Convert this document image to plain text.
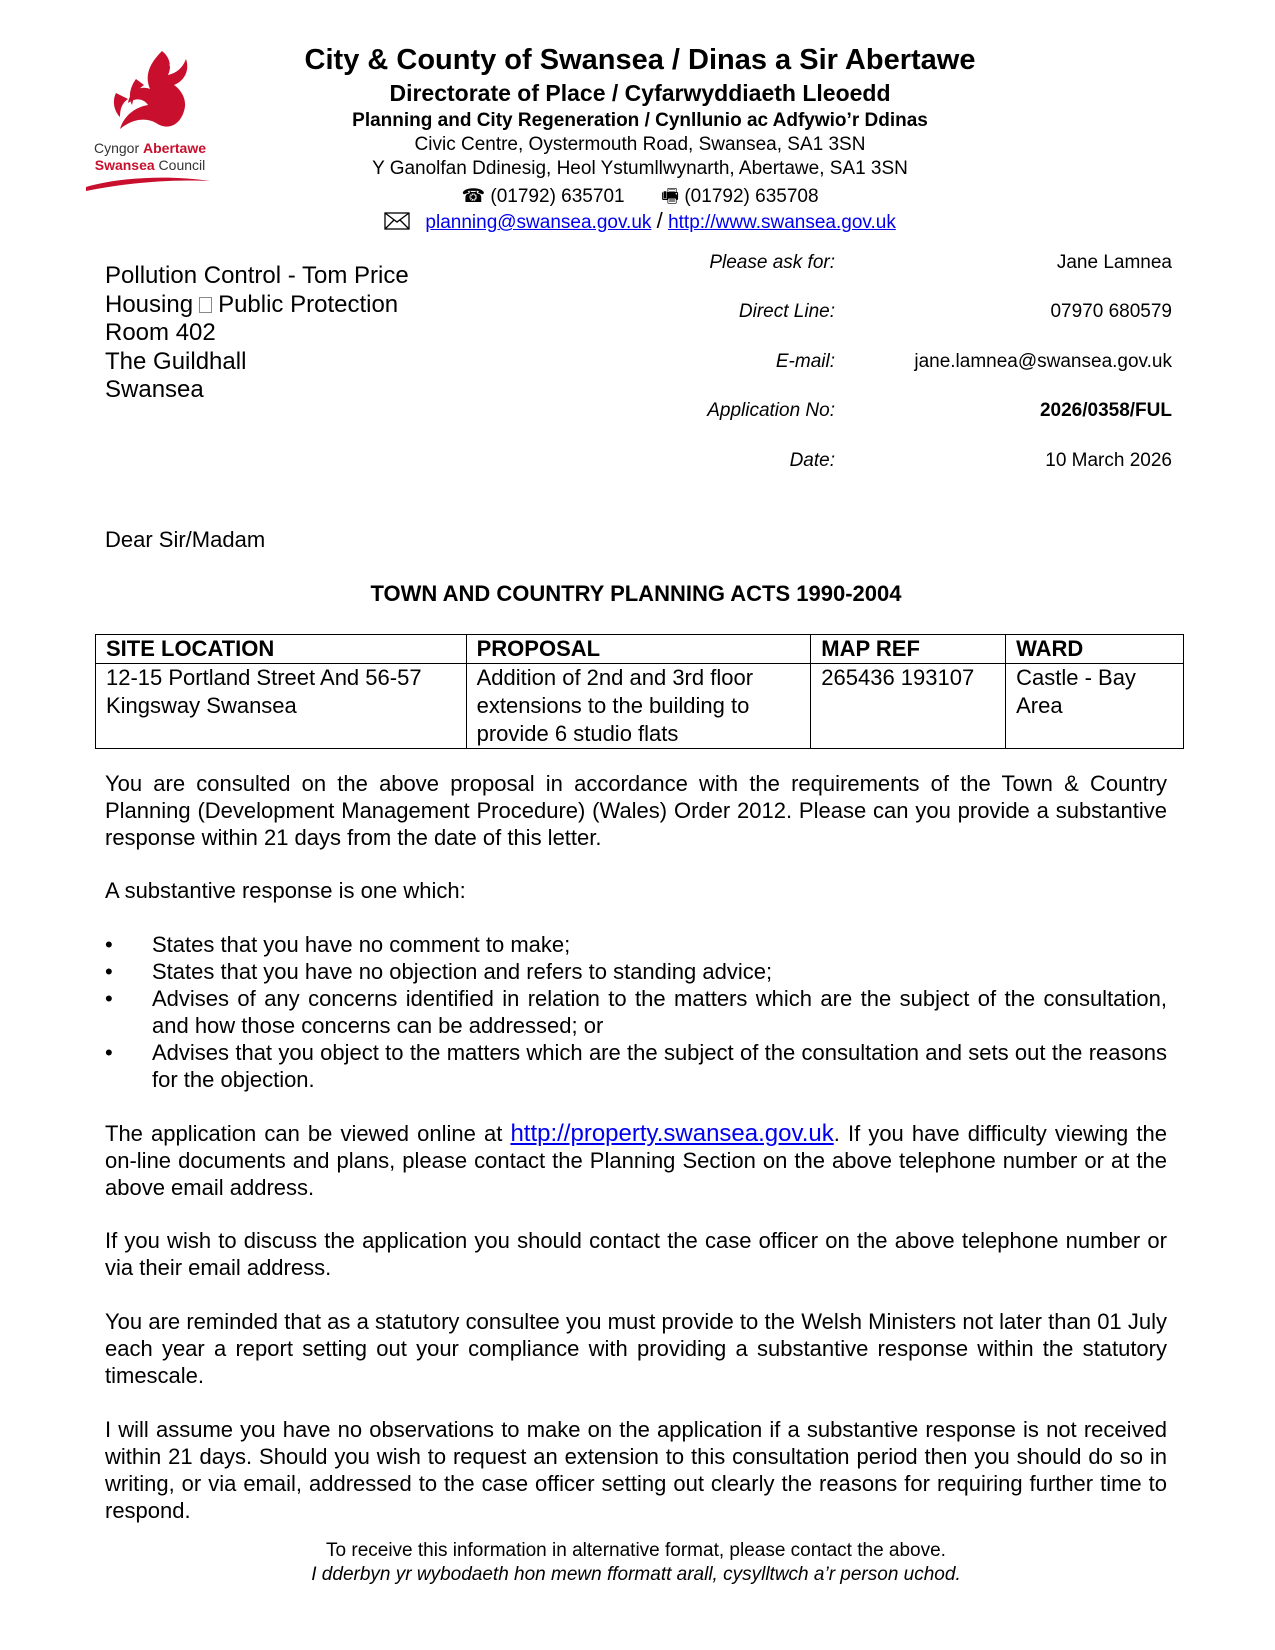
Cyngor Abertawe
Swansea Council
City & County of Swansea / Dinas a Sir Abertawe
Directorate of Place / Cyfarwyddiaeth Lleoedd
Planning and City Regeneration / Cynllunio ac Adfywio’r Ddinas
Civic Centre, Oystermouth Road, Swansea, SA1 3SN
Y Ganolfan Ddinesig, Heol Ystumllwynarth, Abertawe, SA1 3SN
☎ (01792) 635701 🖷 (01792) 635708
planning@swansea.gov.uk / http://www.swansea.gov.uk
Pollution Control - Tom Price
Housing Public Protection
Room 402
The Guildhall
Swansea
Please ask for:	Jane Lamnea
Direct Line:	07970 680579
E-mail:	jane.lamnea@swansea.gov.uk
Application No:	2026/0358/FUL
Date:	10 March 2026
Dear Sir/Madam
TOWN AND COUNTRY PLANNING ACTS 1990-2004
SITE LOCATION	PROPOSAL	MAP REF	WARD
12-15 Portland Street And 56-57 Kingsway Swansea	Addition of 2nd and 3rd floor extensions to the building to provide 6 studio flats	265436 193107	Castle - Bay Area
You are consulted on the above proposal in accordance with the requirements of the Town & Country Planning (Development Management Procedure) (Wales) Order 2012. Please can you provide a substantive response within 21 days from the date of this letter.
A substantive response is one which:
• States that you have no comment to make;
• States that you have no objection and refers to standing advice;
• Advises of any concerns identified in relation to the matters which are the subject of the consultation, and how those concerns can be addressed; or
• Advises that you object to the matters which are the subject of the consultation and sets out the reasons for the objection.
The application can be viewed online at http://property.swansea.gov.uk. If you have difficulty viewing the on-line documents and plans, please contact the Planning Section on the above telephone number or at the above email address.
If you wish to discuss the application you should contact the case officer on the above telephone number or via their email address.
You are reminded that as a statutory consultee you must provide to the Welsh Ministers not later than 01 July each year a report setting out your compliance with providing a substantive response within the statutory timescale.
I will assume you have no observations to make on the application if a substantive response is not received within 21 days. Should you wish to request an extension to this consultation period then you should do so in writing, or via email, addressed to the case officer setting out clearly the reasons for requiring further time to respond.
To receive this information in alternative format, please contact the above.
I dderbyn yr wybodaeth hon mewn fformatt arall, cysylltwch a’r person uchod.
